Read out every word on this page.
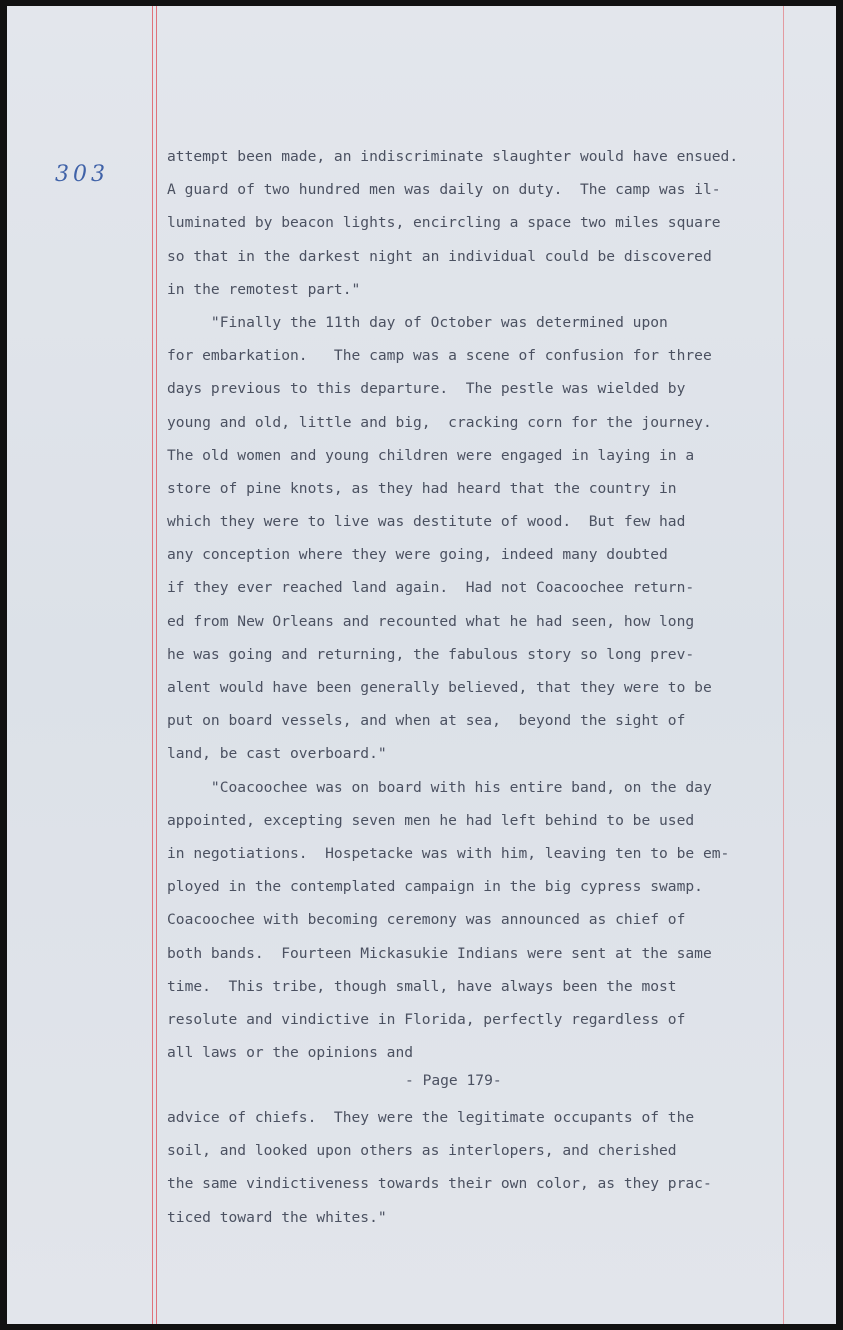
303
attempt been made, an indiscriminate slaughter would have ensued.
A guard of two hundred men was daily on duty.  The camp was il-
luminated by beacon lights, encircling a space two miles square
so that in the darkest night an individual could be discovered
in the remotest part."
"Finally the 11th day of October was determined upon
for embarkation.   The camp was a scene of confusion for three
days previous to this departure.  The pestle was wielded by
young and old, little and big,  cracking corn for the journey.
The old women and young children were engaged in laying in a
store of pine knots, as they had heard that the country in
which they were to live was destitute of wood.  But few had
any conception where they were going, indeed many doubted
if they ever reached land again.  Had not Coacoochee return-
ed from New Orleans and recounted what he had seen, how long
he was going and returning, the fabulous story so long prev-
alent would have been generally believed, that they were to be
put on board vessels, and when at sea,  beyond the sight of
land, be cast overboard."
"Coacoochee was on board with his entire band, on the day
appointed, excepting seven men he had left behind to be used
in negotiations.  Hospetacke was with him, leaving ten to be em-
ployed in the contemplated campaign in the big cypress swamp.
Coacoochee with becoming ceremony was announced as chief of
both bands.  Fourteen Mickasukie Indians were sent at the same
time.  This tribe, though small, have always been the most
resolute and vindictive in Florida, perfectly regardless of
all laws or the opinions and
- Page 179-
advice of chiefs.  They were the legitimate occupants of the
soil, and looked upon others as interlopers, and cherished
the same vindictiveness towards their own color, as they prac-
ticed toward the whites."
